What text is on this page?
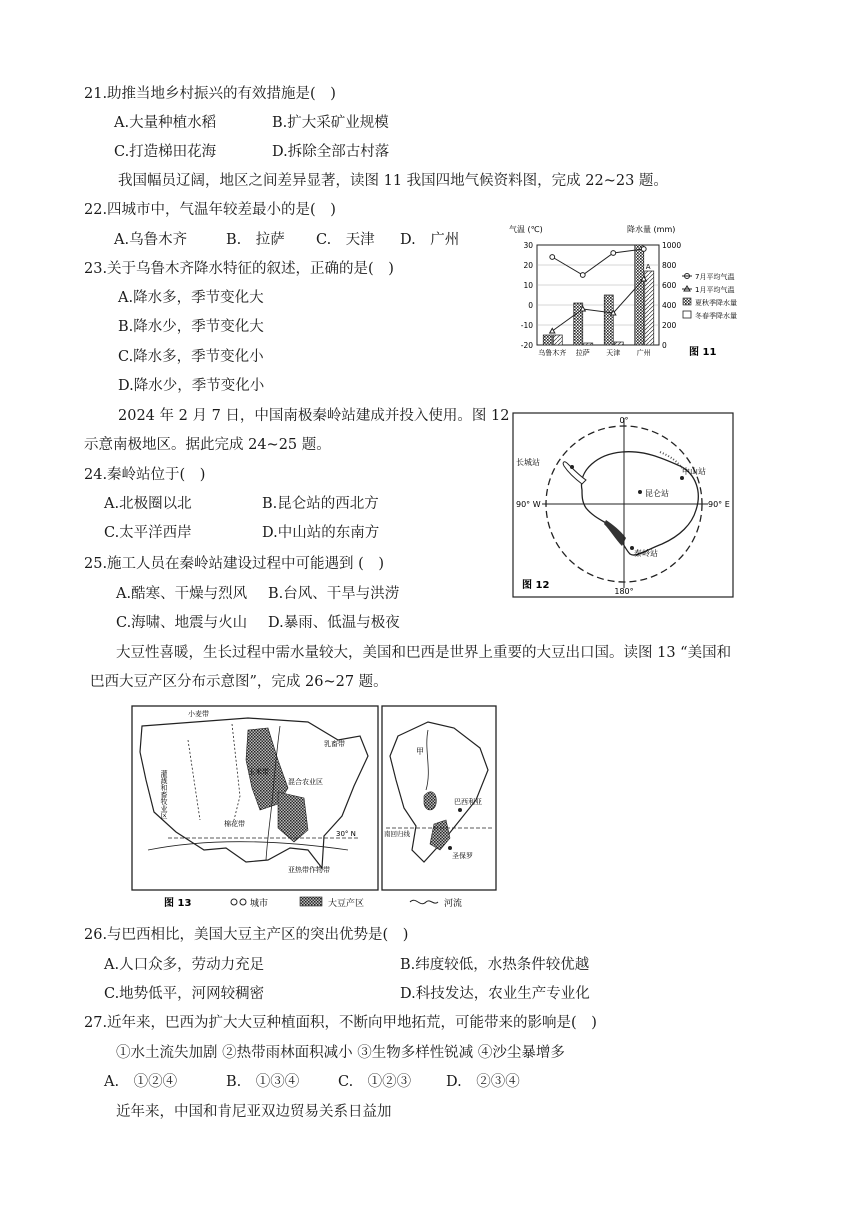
21.助推当地乡村振兴的有效措施是(　)
A.大量种植水稻	B.扩大采矿业规模
C.打造梯田花海	D.拆除全部古村落
我国幅员辽阔，地区之间差异显著，读图 11 我国四地气候资料图，完成 22~23 题。
22.四城市中，气温年较差最小的是(　)
A.乌鲁木齐	B.　拉萨 C.　天津 D.　广州
23.关于乌鲁木齐降水特征的叙述，正确的是(　)
A.降水多，季节变化大
B.降水少，季节变化大
C.降水多，季节变化小
D.降水少，季节变化小
气温 (℃)	降水量 (mm)
30
20
10
0
-10
-20
1000
800
600
400
200
0
A
乌鲁木齐 拉萨 天津 广州
7月平均气温
1月平均气温
夏秋季降水量
冬春季降水量
图 11
2024 年 2 月 7 日，中国南极秦岭站建成并投入使用。图 12
示意南极地区。据此完成 24~25 题。
24.秦岭站位于(　)
A.北极圈以北	B.昆仑站的西北方
C.太平洋西岸	D.中山站的东南方
0°
180°
90° W	90° E
长城站
昆仑站
中山站
秦岭站
图 12
25.施工人员在秦岭站建设过程中可能遇到 (　)
A.酷寒、干燥与烈风 B.台风、干旱与洪涝
C.海啸、地震与火山 D.暴雨、低温与极夜
大豆性喜暖，生长过程中需水量较大，美国和巴西是世界上重要的大豆出口国。读图 13 “美国和
巴西大豆产区分布示意图”，完成 26~27 题。
小麦带
灌溉和畜牧业区
乳畜带
玉米带
棉花带
混合农业区
亚热带作物带
30° N
甲
巴西利亚
南回归线
圣保罗
图 13	城市	大豆产区	河流
26.与巴西相比，美国大豆主产区的突出优势是(　)
A.人口众多，劳动力充足	B.纬度较低，水热条件较优越
C.地势低平，河网较稠密	D.科技发达，农业生产专业化
27.近年来，巴西为扩大大豆种植面积，不断向甲地拓荒，可能带来的影响是(　)
①水土流失加剧 ②热带雨林面积减小 ③生物多样性锐减 ④沙尘暴增多
A.　①②④	B.　①③④	C.　①②③ D.　②③④
近年来，中国和肯尼亚双边贸易关系日益加
